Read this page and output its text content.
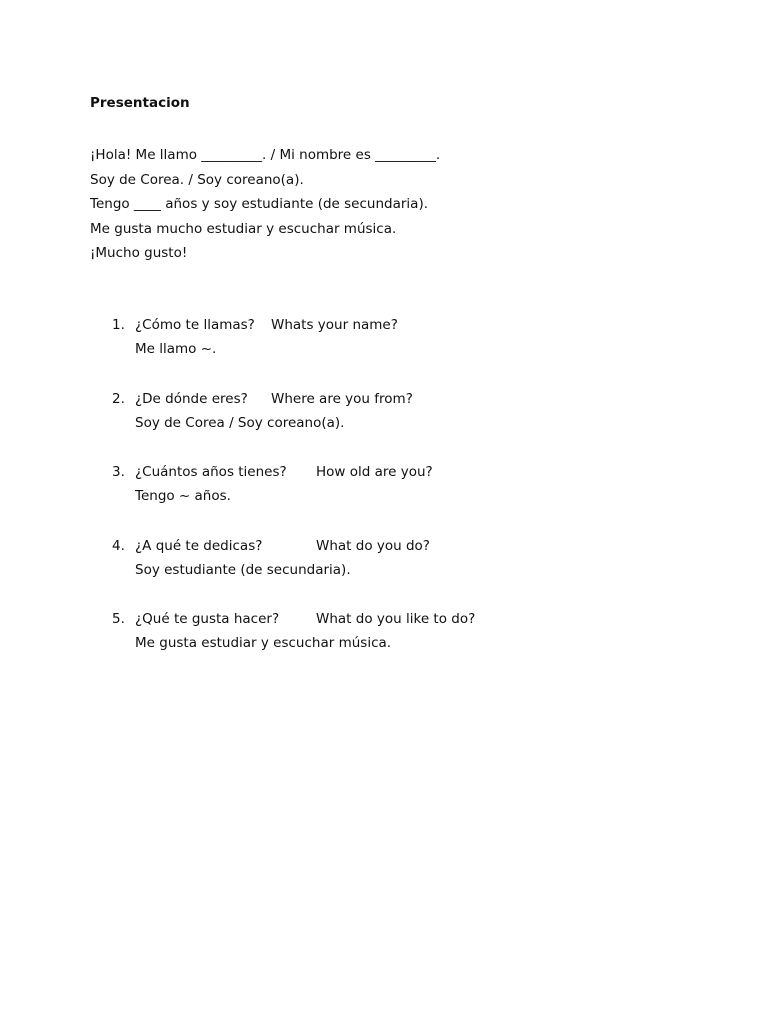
Presentacion
¡Hola! Me llamo _________. / Mi nombre es _________.
Soy de Corea. / Soy coreano(a).
Tengo ____ años y soy estudiante (de secundaria).
Me gusta mucho estudiar y escuchar música.
¡Mucho gusto!
1. ¿Cómo te llamas? Whats your name?
Me llamo ~.
2. ¿De dónde eres? Where are you from?
Soy de Corea / Soy coreano(a).
3. ¿Cuántos años tienes? How old are you?
Tengo ~ años.
4. ¿A qué te dedicas?	What do you do?
Soy estudiante (de secundaria).
5. ¿Qué te gusta hacer?	What do you like to do?
Me gusta estudiar y escuchar música.
